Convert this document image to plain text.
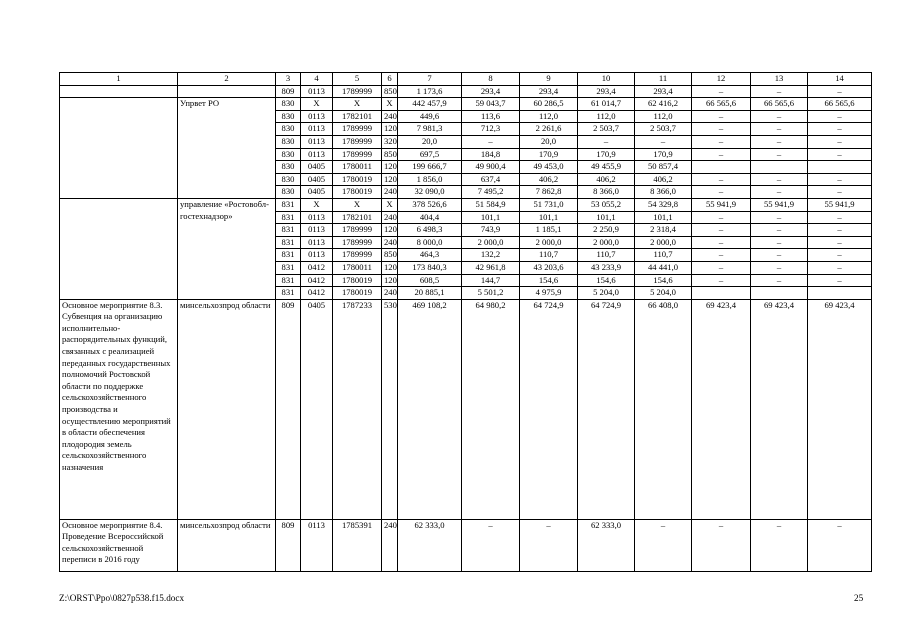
1	2	3	4	5	6	7	8	9	10	11	12	13	14
		809	0113	1789999	850	1 173,6	293,4	293,4	293,4	293,4	–	–	–
	Упрвет РО	830	X	X	X	442 457,9	59 043,7	60 286,5	61 014,7	62 416,2	66 565,6	66 565,6	66 565,6
		830	0113	1782101	240	449,6	113,6	112,0	112,0	112,0	–	–	–
		830	0113	1789999	120	7 981,3	712,3	2 261,6	2 503,7	2 503,7	–	–	–
		830	0113	1789999	320	20,0	–	20,0	–	–	–	–	–
		830	0113	1789999	850	697,5	184,8	170,9	170,9	170,9	–	–	–
		830	0405	1780011	120	199 666,7	49 900,4	49 453,0	49 455,9	50 857,4			
		830	0405	1780019	120	1 856,0	637,4	406,2	406,2	406,2	–	–	–
		830	0405	1780019	240	32 090,0	7 495,2	7 862,8	8 366,0	8 366,0	–	–	–
	управление «Ростовобл-гостехнадзор»	831	X	X	X	378 526,6	51 584,9	51 731,0	53 055,2	54 329,8	55 941,9	55 941,9	55 941,9
		831	0113	1782101	240	404,4	101,1	101,1	101,1	101,1	–	–	–
		831	0113	1789999	120	6 498,3	743,9	1 185,1	2 250,9	2 318,4	–	–	–
		831	0113	1789999	240	8 000,0	2 000,0	2 000,0	2 000,0	2 000,0	–	–	–
		831	0113	1789999	850	464,3	132,2	110,7	110,7	110,7	–	–	–
		831	0412	1780011	120	173 840,3	42 961,8	43 203,6	43 233,9	44 441,0	–	–	–
		831	0412	1780019	120	608,5	144,7	154,6	154,6	154,6	–	–	–
		831	0412	1780019	240	20 885,1	5 501,2	4 975,9	5 204,0	5 204,0			
Основное мероприятие 8.3. Субвенция на организацию исполнительно-распорядительных функций, связанных с реализацией переданных государственных полномочий Ростовской области по поддержке сельскохозяйственного производства и осуществлению мероприятий в области обеспечения плодородия земель сельскохозяйственного назначения	минсельхозпрод области	809	0405	1787233	530	469 108,2	64 980,2	64 724,9	64 724,9	66 408,0	69 423,4	69 423,4	69 423,4
Основное мероприятие 8.4. Проведение Всероссийской сельскохозяйственной переписи в 2016 году	минсельхозпрод области	809	0113	1785391	240	62 333,0	–	–	62 333,0	–	–	–	–
Z:\ORST\Ppo\0827p538.f15.docx	25
